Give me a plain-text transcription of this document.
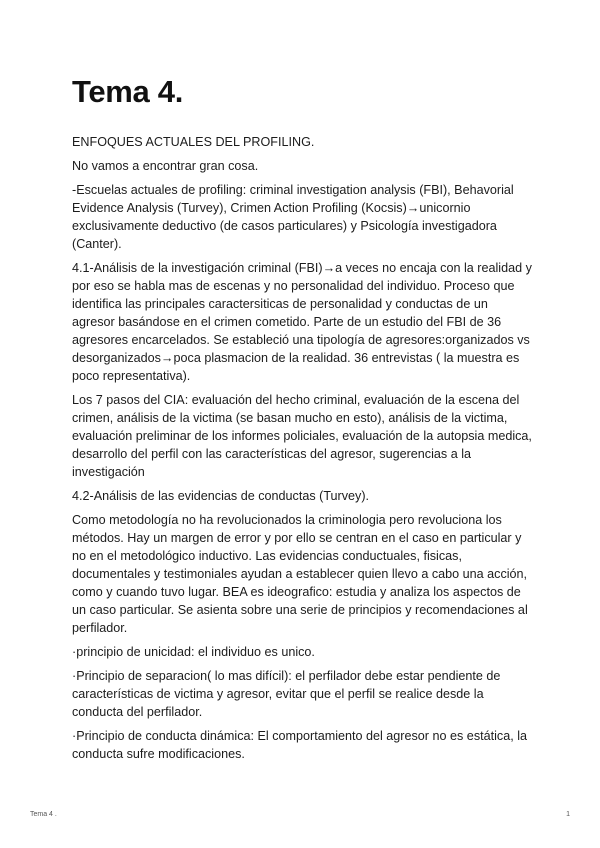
Tema 4.

ENFOQUES ACTUALES DEL PROFILING.

No vamos a encontrar gran cosa.

-Escuelas actuales de profiling: criminal investigation analysis (FBI), Behavorial Evidence Analysis (Turvey), Crimen Action Profiling (Kocsis)→unicornio exclusivamente deductivo (de casos particulares) y Psicología investigadora (Canter).

4.1-Análisis de la investigación criminal (FBI)→a veces no encaja con la realidad y por eso se habla mas de escenas y no personalidad del individuo. Proceso que identifica las principales caractersiticas de personalidad y conductas de un agresor basándose en el crimen cometido. Parte de un estudio del FBI de 36 agresores encarcelados. Se estableció una tipología de agresores:organizados vs desorganizados→poca plasmacion de la realidad. 36 entrevistas ( la muestra es poco representativa).

Los 7 pasos del CIA: evaluación del hecho criminal, evaluación de la escena del crimen, análisis de la victima (se basan mucho en esto), análisis de la victima, evaluación preliminar de los informes policiales, evaluación de la autopsia medica, desarrollo del perfil con las características del agresor, sugerencias a la investigación

4.2-Análisis de las evidencias de conductas (Turvey).

Como metodología no ha revolucionados la criminologia pero revoluciona los métodos. Hay un margen de error y por ello se centran en el caso en particular y no en el metodológico inductivo. Las evidencias conductuales, fisicas, documentales y testimoniales ayudan a establecer quien llevo a cabo una acción, como y cuando tuvo lugar. BEA es ideografico: estudia y analiza los aspectos de un caso particular. Se asienta sobre una serie de principios y recomendaciones al perfilador.

·principio de unicidad: el individuo es unico.

·Principio de separacion( lo mas difícil): el perfilador debe estar pendiente de características de victima y agresor, evitar que el perfil se realice desde la conducta del perfilador.

·Principio de conducta dinámica: El comportamiento del agresor no es estática, la conducta sufre modificaciones.

Tema 4 .	1
